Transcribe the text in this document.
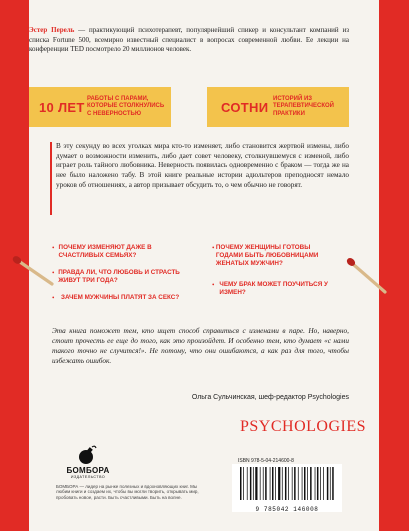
Эстер Перель — практикующий психотерапевт, популярнейший спикер и консультант компаний из списка Fortune 500, всемирно известный специалист в вопросах современной любви. Ее лекции на конференции TED посмотрело 20 миллионов человек.
10 ЛЕТ
РАБОТЫ С ПАРАМИ, КОТОРЫЕ СТОЛКНУЛИСЬ С НЕВЕРНОСТЬЮ	СОТНИ
ИСТОРИЙ ИЗ ТЕРАПЕВТИЧЕСКОЙ ПРАКТИКИ
В эту секунду во всех уголках мира кто-то изменяет, либо становится жертвой измены, либо думает о возможности изменить, либо дает совет человеку, столкнувшемуся с изменой, либо играет роль тайного любовника. Неверность появилась одновременно с браком — тогда же на нее было наложено табу. В этой книге реальные истории адюльтеров преподносят немало уроков об отношениях, а автор призывает обсудить то, о чем обычно не говорят.
• ПОЧЕМУ ИЗМЕНЯЮТ ДАЖЕ В СЧАСТЛИВЫХ СЕМЬЯХ?
• ПРАВДА ЛИ, ЧТО ЛЮБОВЬ И СТРАСТЬ ЖИВУТ ТРИ ГОДА?
•	ЗАЧЕМ МУЖЧИНЫ ПЛАТЯТ ЗА СЕКС?
• ПОЧЕМУ ЖЕНЩИНЫ ГОТОВЫ ГОДАМИ БЫТЬ ЛЮБОВНИЦАМИ ЖЕНАТЫХ МУЖЧИН?
• ЧЕМУ БРАК МОЖЕТ ПОУЧИТЬСЯ У ИЗМЕН?
Эта книга поможет тем, кто ищет способ справиться с изменами в паре. Но, наверно, стоит прочесть ее еще до того, как это произойдет. И особенно тем, кто думает «с нами такого точно не случится!». Не потому, что они ошибаются, а как раз для того, чтобы избежать ошибок.
Ольга Сульчинская, шеф-редактор Psychologies
PSYCHOLOGIES
БОМБОРА
ИЗДАТЕЛЬСТВО
БОМБОРА — лидер на рынке полезных и вдохновляющих книг. Мы любим книги и создаем их, чтобы вы могли творить, открывать мир, пробовать новое, расти. Быть счастливыми. Быть на волне.
ISBN 978-5-04-214600-8
9 785042 146008
